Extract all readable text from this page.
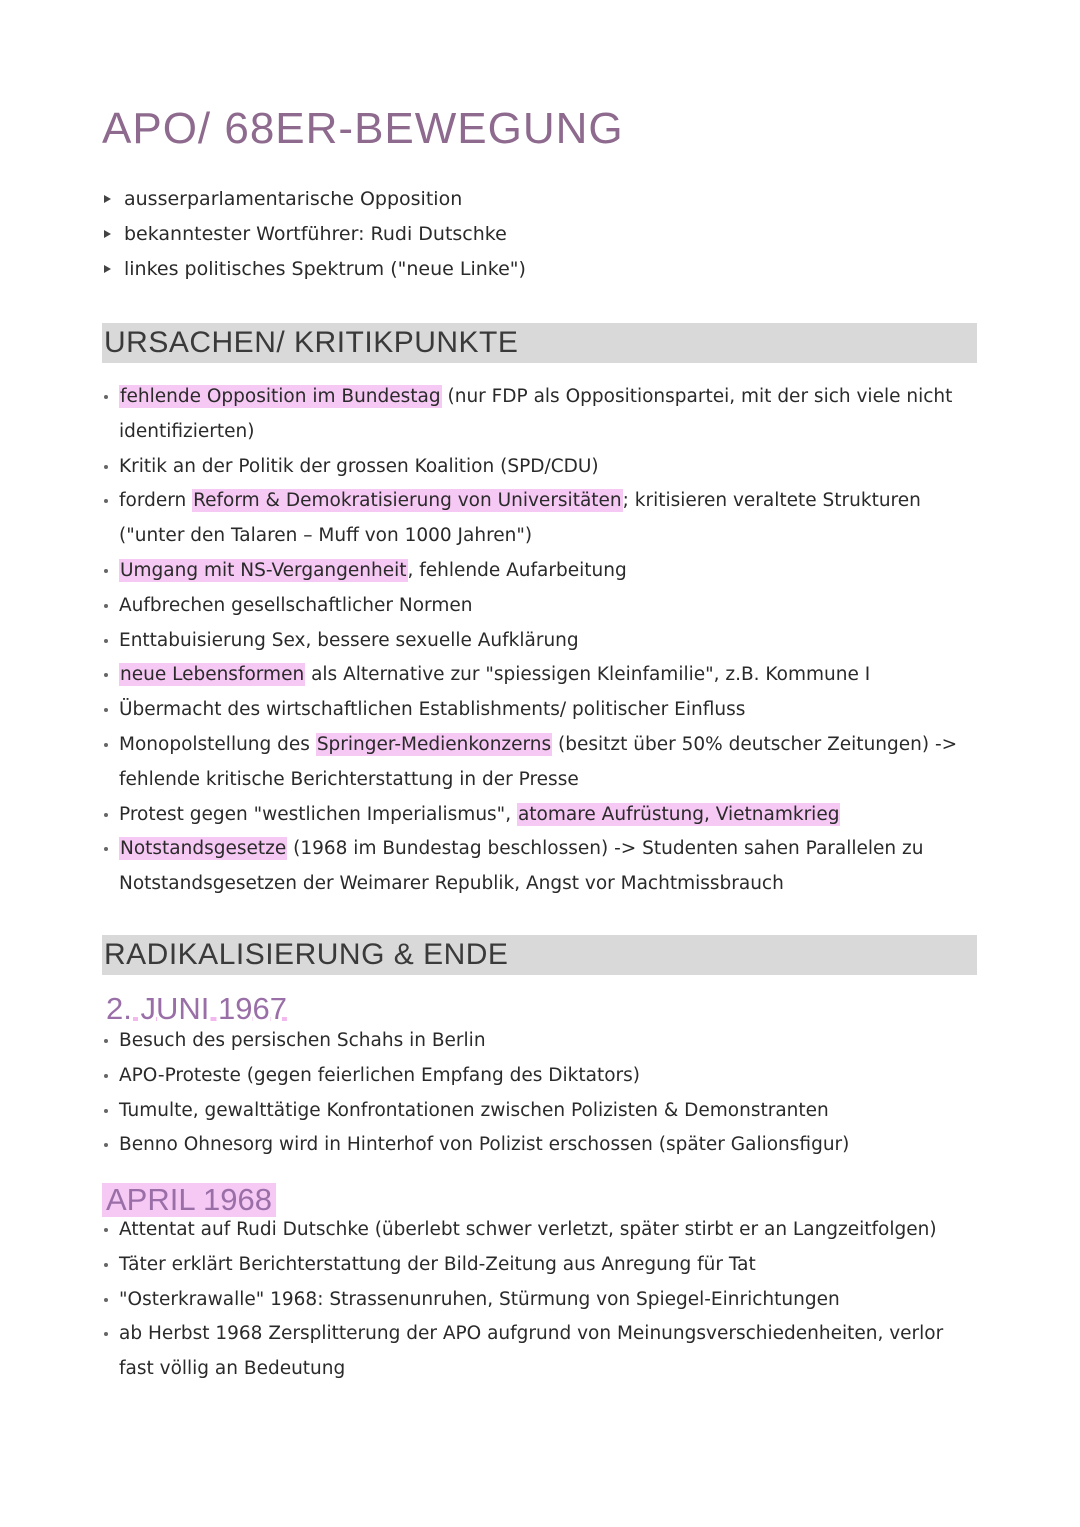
APO/ 68ER-BEWEGUNG
ausserparlamentarische Opposition
bekanntester Wortführer: Rudi Dutschke
linkes politisches Spektrum ("neue Linke")
URSACHEN/ KRITIKPUNKTE
fehlende Opposition im Bundestag (nur FDP als Oppositionspartei, mit der sich viele nicht identifizierten)
Kritik an der Politik der grossen Koalition (SPD/CDU)
fordern Reform & Demokratisierung von Universitäten; kritisieren veraltete Strukturen ("unter den Talaren – Muff von 1000 Jahren")
Umgang mit NS-Vergangenheit, fehlende Aufarbeitung
Aufbrechen gesellschaftlicher Normen
Enttabuisierung Sex, bessere sexuelle Aufklärung
neue Lebensformen als Alternative zur "spiessigen Kleinfamilie", z.B. Kommune I
Übermacht des wirtschaftlichen Establishments/ politischer Einfluss
Monopolstellung des Springer-Medienkonzerns (besitzt über 50% deutscher Zeitungen) -> fehlende kritische Berichterstattung in der Presse
Protest gegen "westlichen Imperialismus", atomare Aufrüstung, Vietnamkrieg
Notstandsgesetze (1968 im Bundestag beschlossen) -> Studenten sahen Parallelen zu Notstandsgesetzen der Weimarer Republik, Angst vor Machtmissbrauch
RADIKALISIERUNG & ENDE
2. JUNI 1967
Besuch des persischen Schahs in Berlin
APO-Proteste (gegen feierlichen Empfang des Diktators)
Tumulte, gewalttätige Konfrontationen zwischen Polizisten & Demonstranten
Benno Ohnesorg wird in Hinterhof von Polizist erschossen (später Galionsfigur)
APRIL 1968
Attentat auf Rudi Dutschke (überlebt schwer verletzt, später stirbt er an Langzeitfolgen)
Täter erklärt Berichterstattung der Bild-Zeitung aus Anregung für Tat
"Osterkrawalle" 1968: Strassenunruhen, Stürmung von Spiegel-Einrichtungen
ab Herbst 1968 Zersplitterung der APO aufgrund von Meinungsverschiedenheiten, verlor fast völlig an Bedeutung
